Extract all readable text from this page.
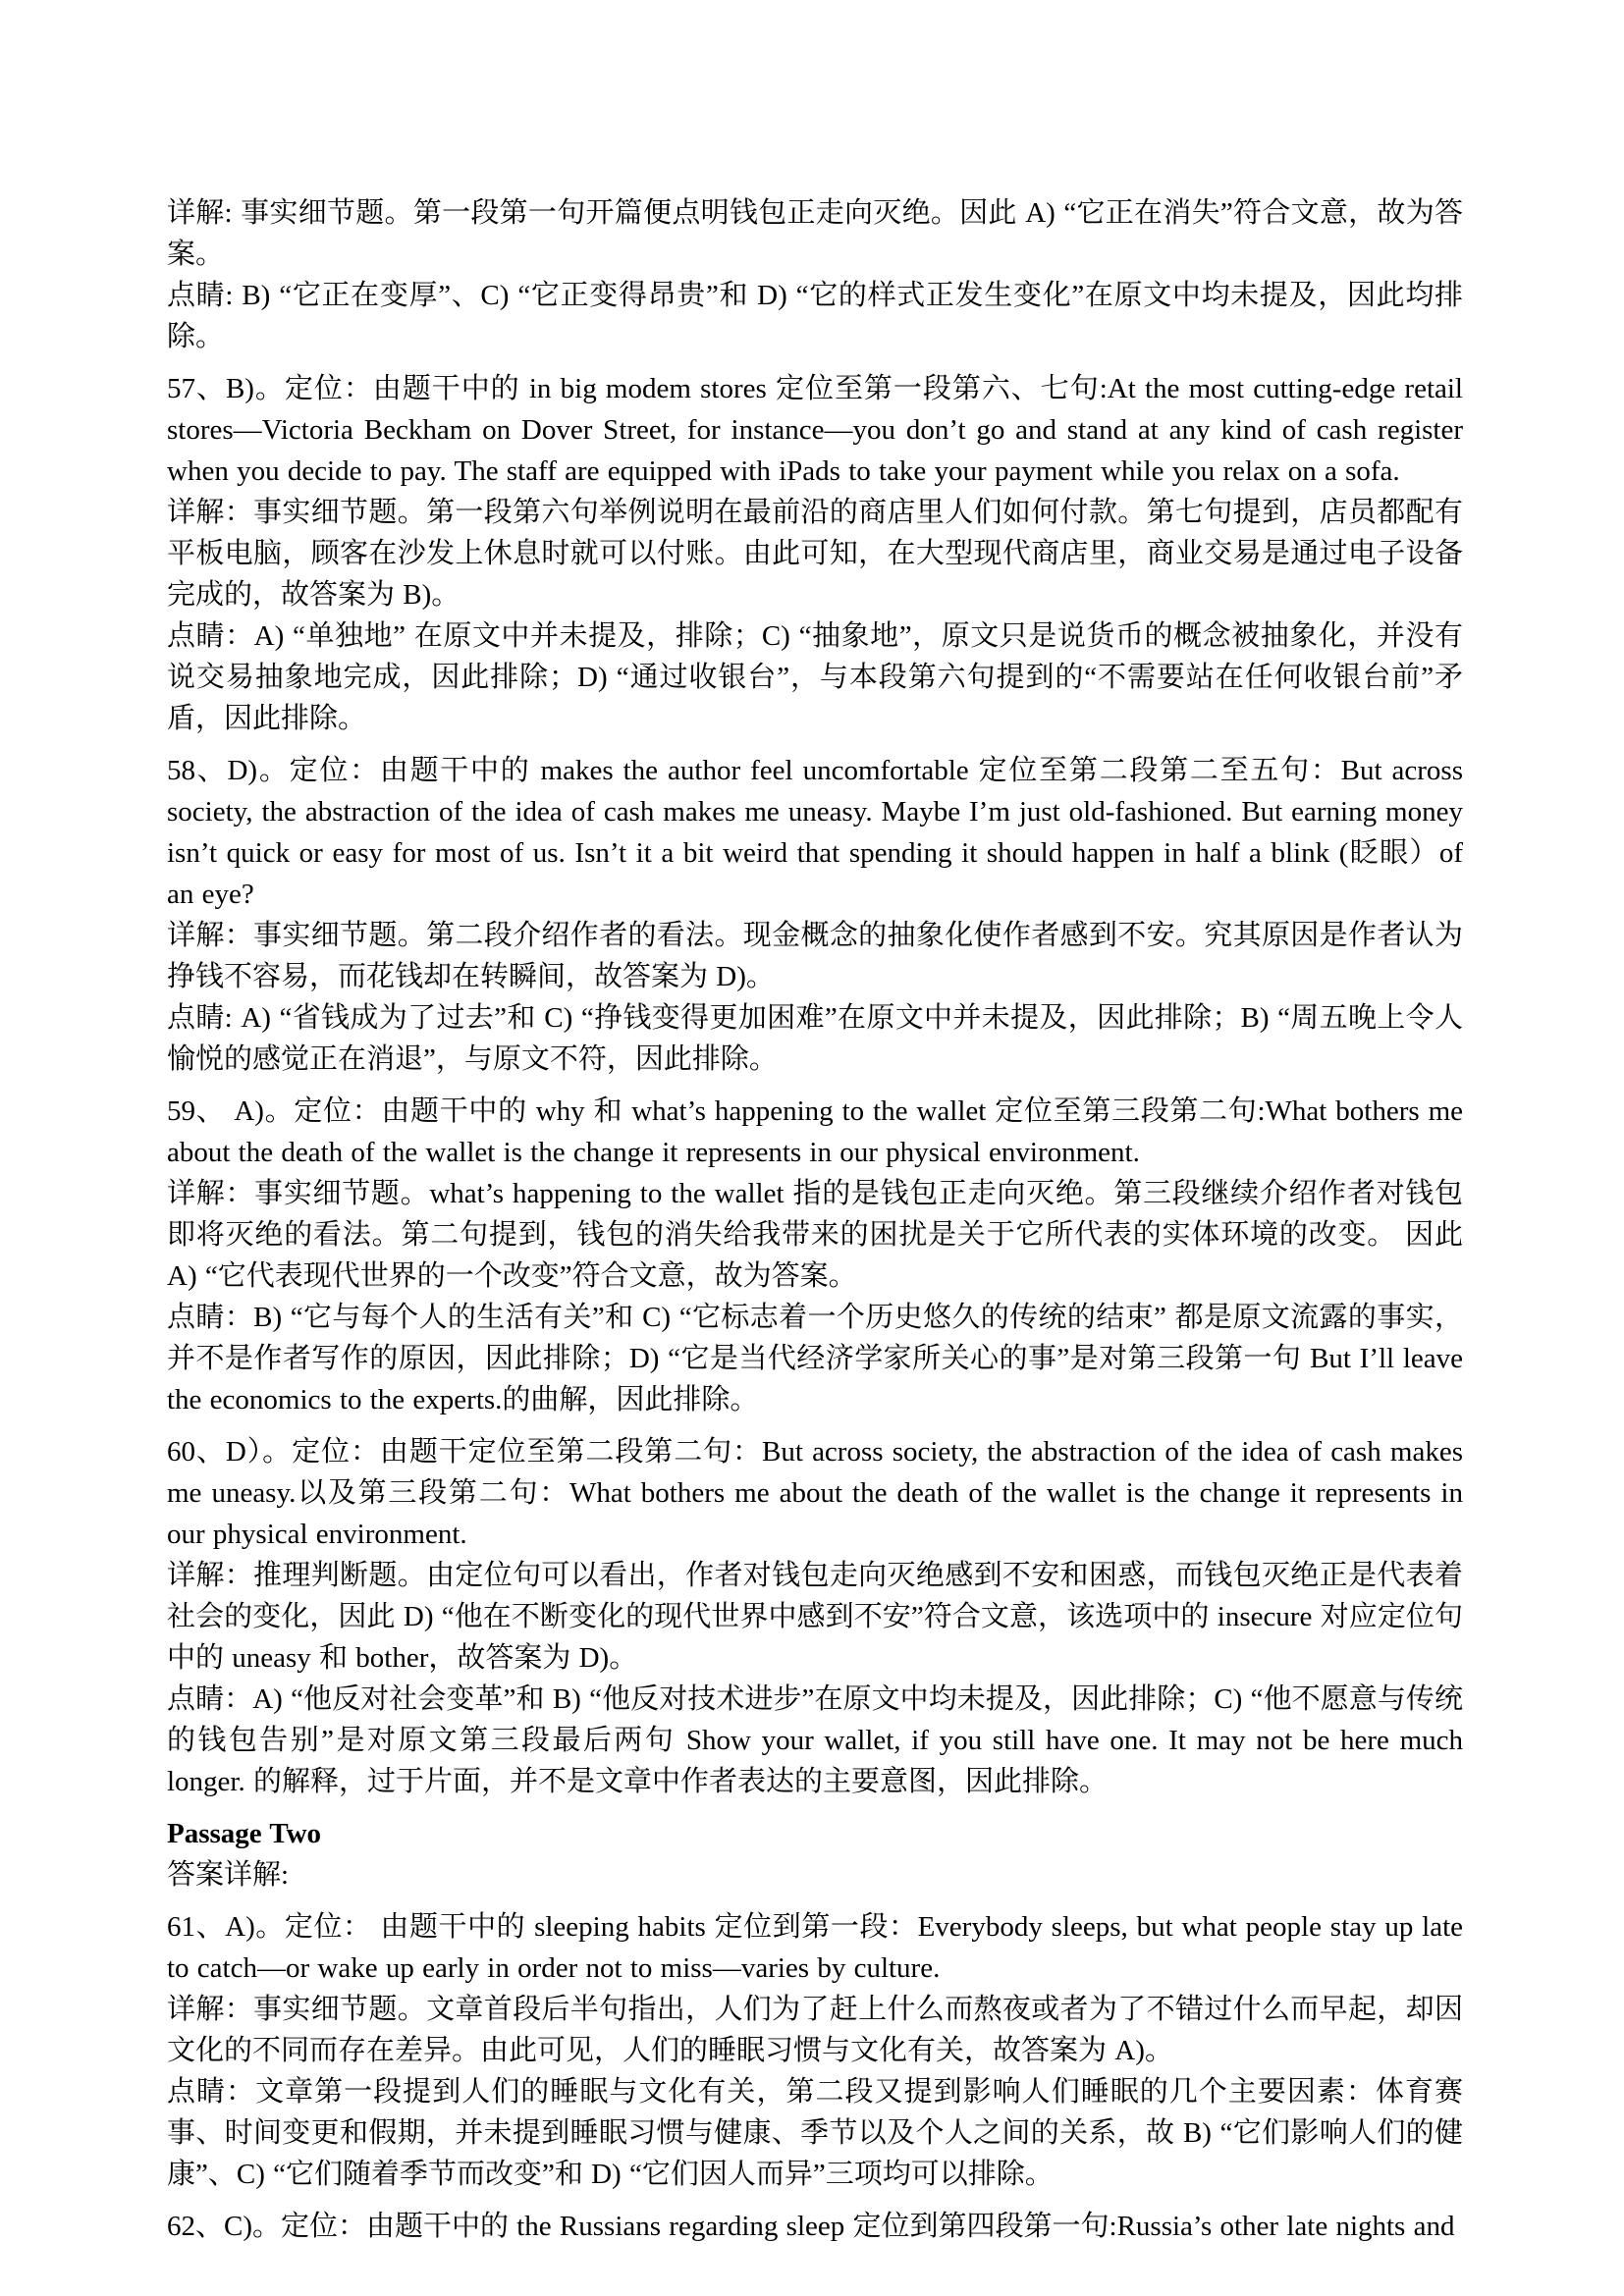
详解: 事实细节题。第一段第一句开篇便点明钱包正走向灭绝。因此 A) “它正在消失”符合文意，故为答案。

点睛: B) “它正在变厚”、C) “它正变得昂贵”和 D) “它的样式正发生变化”在原文中均未提及，因此均排除。

57、B)。定位：由题干中的 in big modem stores 定位至第一段第六、七句:At the most cutting-edge retail stores—Victoria Beckham on Dover Street, for instance—you don’t go and stand at any kind of cash register when you decide to pay. The staff are equipped with iPads to take your payment while you relax on a sofa.

详解：事实细节题。第一段第六句举例说明在最前沿的商店里人们如何付款。第七句提到，店员都配有平板电脑，顾客在沙发上休息时就可以付账。由此可知，在大型现代商店里，商业交易是通过电子设备完成的，故答案为 B)。

点睛：A) “单独地” 在原文中并未提及，排除；C) “抽象地”，原文只是说货币的概念被抽象化，并没有说交易抽象地完成，因此排除；D) “通过收银台”，与本段第六句提到的“不需要站在任何收银台前”矛盾，因此排除。

58、D)。定位：由题干中的 makes the author feel uncomfortable 定位至第二段第二至五句：But across society, the abstraction of the idea of cash makes me uneasy. Maybe I’m just old-fashioned. But earning money isn’t quick or easy for most of us. Isn’t it a bit weird that spending it should happen in half a blink (眨眼）of an eye?

详解：事实细节题。第二段介绍作者的看法。现金概念的抽象化使作者感到不安。究其原因是作者认为挣钱不容易，而花钱却在转瞬间，故答案为 D)。

点睛: A) “省钱成为了过去”和 C) “挣钱变得更加困难”在原文中并未提及，因此排除；B) “周五晚上令人愉悦的感觉正在消退”，与原文不符，因此排除。

59、 A)。定位：由题干中的 why 和 what’s happening to the wallet 定位至第三段第二句:What bothers me about the death of the wallet is the change it represents in our physical environment.

详解：事实细节题。what’s happening to the wallet 指的是钱包正走向灭绝。第三段继续介绍作者对钱包即将灭绝的看法。第二句提到，钱包的消失给我带来的困扰是关于它所代表的实体环境的改变。 因此 A) “它代表现代世界的一个改变”符合文意，故为答案。

点睛：B) “它与每个人的生活有关”和 C) “它标志着一个历史悠久的传统的结束” 都是原文流露的事实，并不是作者写作的原因，因此排除；D) “它是当代经济学家所关心的事”是对第三段第一句 But I’ll leave the economics to the experts.的曲解，因此排除。

60、D）。定位：由题干定位至第二段第二句：But across society, the abstraction of the idea of cash makes me uneasy.以及第三段第二句：What bothers me about the death of the wallet is the change it represents in our physical environment.

详解：推理判断题。由定位句可以看出，作者对钱包走向灭绝感到不安和困惑，而钱包灭绝正是代表着社会的变化，因此 D) “他在不断变化的现代世界中感到不安”符合文意，该选项中的 insecure 对应定位句中的 uneasy 和 bother，故答案为 D)。

点睛：A) “他反对社会变革”和 B) “他反对技术进步”在原文中均未提及，因此排除；C) “他不愿意与传统的钱包告别”是对原文第三段最后两句 Show your wallet, if you still have one. It may not be here much longer. 的解释，过于片面，并不是文章中作者表达的主要意图，因此排除。

Passage Two

答案详解:

61、A)。定位： 由题干中的 sleeping habits 定位到第一段：Everybody sleeps, but what people stay up late to catch—or wake up early in order not to miss—varies by culture.

详解：事实细节题。文章首段后半句指出，人们为了赶上什么而熬夜或者为了不错过什么而早起，却因文化的不同而存在差异。由此可见，人们的睡眠习惯与文化有关，故答案为 A)。

点睛：文章第一段提到人们的睡眠与文化有关，第二段又提到影响人们睡眠的几个主要因素：体育赛事、时间变更和假期，并未提到睡眠习惯与健康、季节以及个人之间的关系，故 B) “它们影响人们的健康”、C) “它们随着季节而改变”和 D) “它们因人而异”三项均可以排除。

62、C)。定位：由题干中的 the Russians regarding sleep 定位到第四段第一句:Russia’s other late nights and
